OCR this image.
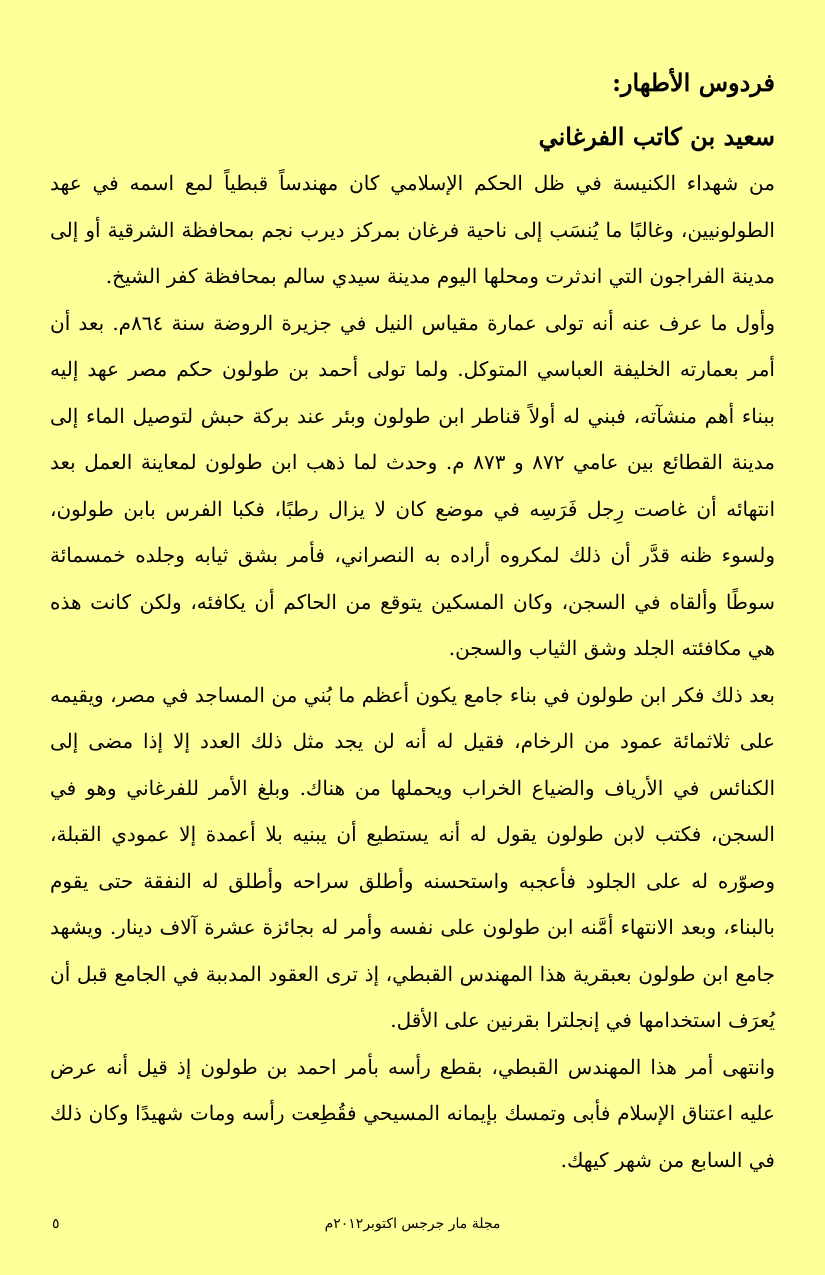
فردوس الأطهار:
سعيد بن كاتب الفرغاني

من شهداء الكنيسة في ظل الحكم الإسلامي كان مهندساً قبطياً لمع اسمه في عهد الطولونيين، وغالبًا ما يُنسَب إلى ناحية فرغان بمركز ديرب نجم بمحافظة الشرقية أو إلى مدينة الفراجون التي اندثرت ومحلها اليوم مدينة سيدي سالم بمحافظة كفر الشيخ.

وأول ما عرف عنه أنه تولى عمارة مقياس النيل في جزيرة الروضة سنة ٨٦٤م. بعد أن أمر بعمارته الخليفة العباسي المتوكل. ولما تولى أحمد بن طولون حكم مصر عهد إليه ببناء أهم منشآته، فبني له أولاً قناطر ابن طولون وبئر عند بركة حبش لتوصيل الماء إلى مدينة القطائع بين عامي ٨٧٢ و ٨٧٣ م. وحدث لما ذهب ابن طولون لمعاينة العمل بعد انتهائه أن غاصت رِجل فَرَسِه في موضع كان لا يزال رطبًا، فكبا الفرس بابن طولون، ولسوء ظنه قدَّر أن ذلك لمكروه أراده به النصراني، فأمر بشق ثيابه وجلده خمسمائة سوطًا وألقاه في السجن، وكان المسكين يتوقع من الحاكم أن يكافئه، ولكن كانت هذه هي مكافئته الجلد وشق الثياب والسجن.

بعد ذلك فكر ابن طولون في بناء جامع يكون أعظم ما بُني من المساجد في مصر، ويقيمه على ثلاثمائة عمود من الرخام، فقيل له أنه لن يجد مثل ذلك العدد إلا إذا مضى إلى الكنائس في الأرياف والضياع الخراب ويحملها من هناك. وبلغ الأمر للفرغاني وهو في السجن، فكتب لابن طولون يقول له أنه يستطيع أن يبنيه بلا أعمدة إلا عمودي القبلة، وصوّره له على الجلود فأعجبه واستحسنه وأطلق سراحه وأطلق له النفقة حتى يقوم بالبناء، وبعد الانتهاء أمَّنه ابن طولون على نفسه وأمر له بجائزة عشرة آلاف دينار. ويشهد جامع ابن طولون بعبقرية هذا المهندس القبطي، إذ ترى العقود المدببة في الجامع قبل أن يُعرَف استخدامها في إنجلترا بقرنين على الأقل.

وانتهى أمر هذا المهندس القبطي، بقطع رأسه بأمر احمد بن طولون إذ قيل أنه عرض عليه اعتناق الإسلام فأبى وتمسك بإيمانه المسيحي فقُطِعت رأسه ومات شهيدًا وكان ذلك في السابع من شهر كيهك.

مجلة مار جرجس اكتوبر٢٠١٢م
٥
